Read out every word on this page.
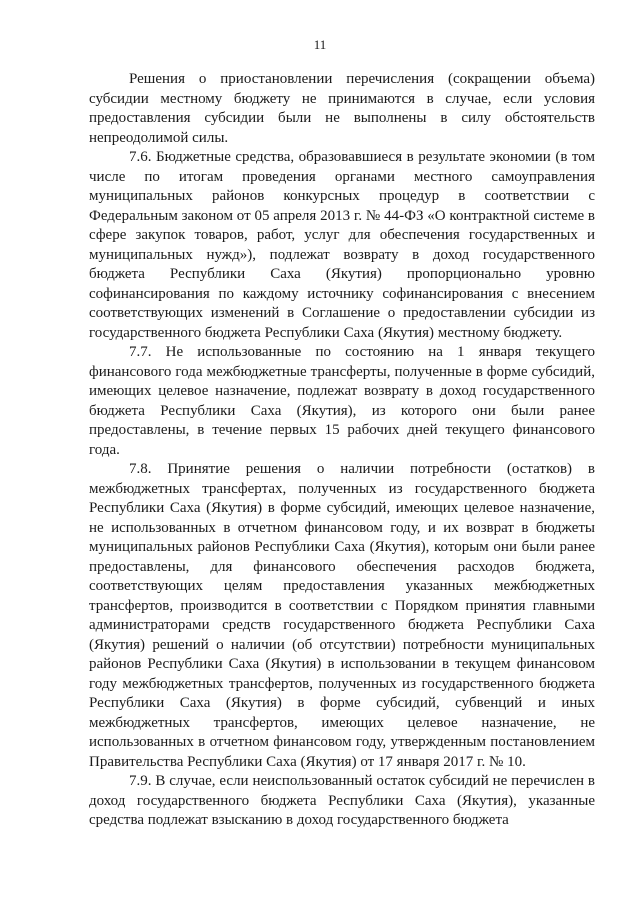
11

Решения о приостановлении перечисления (сокращении объема) субсидии местному бюджету не принимаются в случае, если условия предоставления субсидии были не выполнены в силу обстоятельств непреодолимой силы.

7.6. Бюджетные средства, образовавшиеся в результате экономии (в том числе по итогам проведения органами местного самоуправления муниципальных районов конкурсных процедур в соответствии с Федеральным законом от 05 апреля 2013 г. № 44-ФЗ «О контрактной системе в сфере закупок товаров, работ, услуг для обеспечения государственных и муниципальных нужд»), подлежат возврату в доход государственного бюджета Республики Саха (Якутия) пропорционально уровню софинансирования по каждому источнику софинансирования с внесением соответствующих изменений в Соглашение о предоставлении субсидии из государственного бюджета Республики Саха (Якутия) местному бюджету.

7.7. Не использованные по состоянию на 1 января текущего финансового года межбюджетные трансферты, полученные в форме субсидий, имеющих целевое назначение, подлежат возврату в доход государственного бюджета Республики Саха (Якутия), из которого они были ранее предоставлены, в течение первых 15 рабочих дней текущего финансового года.

7.8. Принятие решения о наличии потребности (остатков) в межбюджетных трансфертах, полученных из государственного бюджета Республики Саха (Якутия) в форме субсидий, имеющих целевое назначение, не использованных в отчетном финансовом году, и их возврат в бюджеты муниципальных районов Республики Саха (Якутия), которым они были ранее предоставлены, для финансового обеспечения расходов бюджета, соответствующих целям предоставления указанных межбюджетных трансфертов, производится в соответствии с Порядком принятия главными администраторами средств государственного бюджета Республики Саха (Якутия) решений о наличии (об отсутствии) потребности муниципальных районов Республики Саха (Якутия) в использовании в текущем финансовом году межбюджетных трансфертов, полученных из государственного бюджета Республики Саха (Якутия) в форме субсидий, субвенций и иных межбюджетных трансфертов, имеющих целевое назначение, не использованных в отчетном финансовом году, утвержденным постановлением Правительства Республики Саха (Якутия) от 17 января 2017 г. № 10.

7.9. В случае, если неиспользованный остаток субсидий не перечислен в доход государственного бюджета Республики Саха (Якутия), указанные средства подлежат взысканию в доход государственного бюджета
